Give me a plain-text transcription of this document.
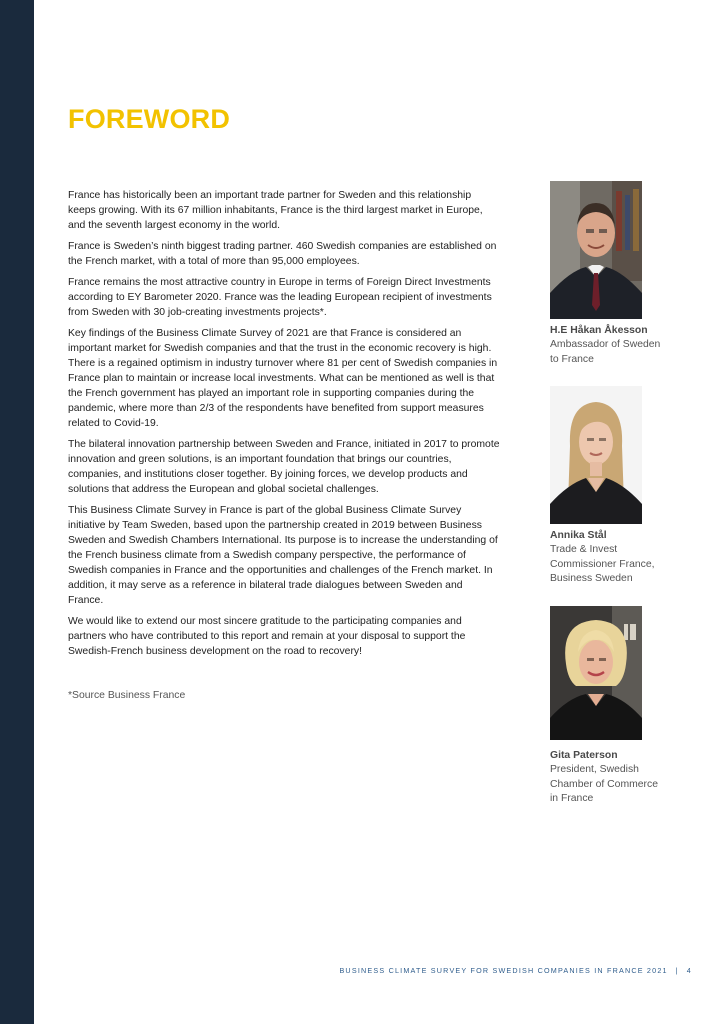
FOREWORD

France has historically been an important trade partner for Sweden and this relationship keeps growing. With its 67 million inhabitants, France is the third largest market in Europe, and the seventh largest economy in the world.

France is Sweden’s ninth biggest trading partner. 460 Swedish companies are established on the French market, with a total of more than 95,000 employees.

France remains the most attractive country in Europe in terms of Foreign Direct Investments according to EY Barometer 2020. France was the leading European recipient of investments from Sweden with 30 job-creating investments projects*.

Key findings of the Business Climate Survey of 2021 are that France is considered an important market for Swedish companies and that the trust in the economic recovery is high. There is a regained optimism in industry turnover where 81 per cent of Swedish companies in France plan to maintain or increase local investments. What can be mentioned as well is that the French government has played an important role in supporting companies during the pandemic, where more than 2/3 of the respondents have benefited from support measures related to Covid-19.

The bilateral innovation partnership between Sweden and France, initiated in 2017 to promote innovation and green solutions, is an important foundation that brings our countries, companies, and institutions closer together. By joining forces, we develop products and solutions that address the European and global societal challenges.

This Business Climate Survey in France is part of the global Business Climate Survey initiative by Team Sweden, based upon the partnership created in 2019 between Business Sweden and Swedish Chambers International. Its purpose is to increase the understanding of the French business climate from a Swedish company perspective, the performance of Swedish companies in France and the opportunities and challenges of the French market. In addition, it may serve as a reference in bilateral trade dialogues between Sweden and France.

We would like to extend our most sincere gratitude to the participating companies and partners who have contributed to this report and remain at your disposal to support the Swedish-French business development on the road to recovery!

*Source Business France
H.E Håkan Åkesson
Ambassador of Sweden
to France
Annika Stål
Trade & Invest
Commissioner France,
Business Sweden
Gita Paterson
President, Swedish
Chamber of Commerce
in France
BUSINESS CLIMATE SURVEY FOR SWEDISH COMPANIES IN FRANCE 2021 | 4
